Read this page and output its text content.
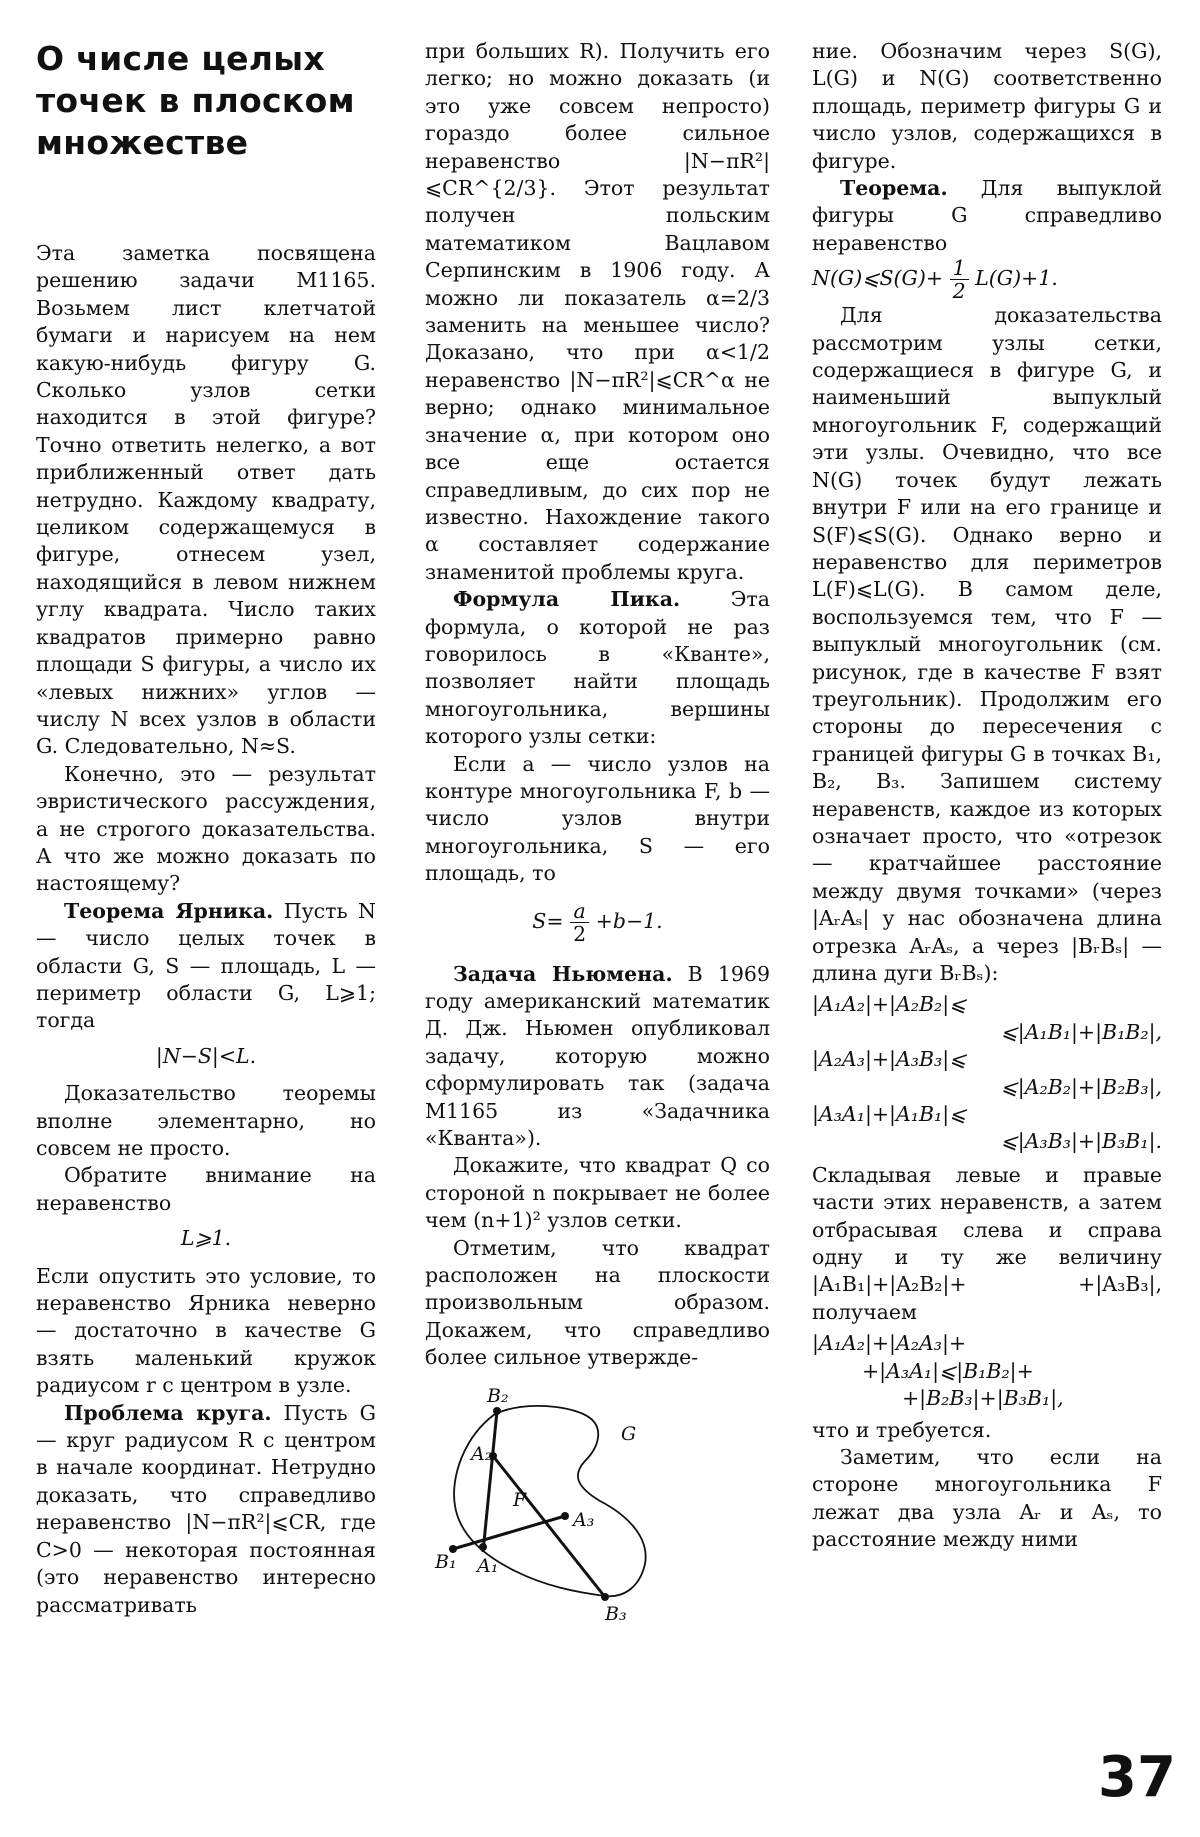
О числе целых точек в плоском множестве

Эта заметка посвящена решению задачи М1165. Возьмем лист клетчатой бумаги и нарисуем на нем какую-нибудь фигуру G. Сколько узлов сетки находится в этой фигуре? Точно ответить нелегко, а вот приближенный ответ дать нетрудно. Каждому квадрату, целиком содержащемуся в фигуре, отнесем узел, находящийся в левом нижнем углу квадрата. Число таких квадратов примерно равно площади S фигуры, а число их «левых нижних» углов — числу N всех узлов в области G. Следовательно, N≈S.

Конечно, это — результат эвристического рассуждения, а не строгого доказательства. А что же можно доказать по настоящему?

Теорема Ярника. Пусть N — число целых точек в области G, S — площадь, L — периметр области G, L⩾1; тогда

|N−S|<L.

Доказательство теоремы вполне элементарно, но совсем не просто.

Обратите внимание на неравенство

L⩾1.

Если опустить это условие, то неравенство Ярника неверно — достаточно в качестве G взять маленький кружок радиусом r с центром в узле.

Проблема круга. Пусть G — круг радиусом R с центром в начале координат. Нетрудно доказать, что справедливо неравенство |N−πR²|⩽CR, где C>0 — некоторая постоянная (это неравенство интересно рассматривать

при больших R). Получить его легко; но можно доказать (и это уже совсем непросто) гораздо более сильное неравенство |N−πR²|⩽CR^{2/3}. Этот результат получен польским математиком Вацлавом Серпинским в 1906 году. А можно ли показатель α=2/3 заменить на меньшее число? Доказано, что при α<1/2 неравенство |N−πR²|⩽CR^α не верно; однако минимальное значение α, при котором оно все еще остается справедливым, до сих пор не известно. Нахождение такого α составляет содержание знаменитой проблемы круга.

Формула Пика. Эта формула, о которой не раз говорилось в «Кванте», позволяет найти площадь многоугольника, вершины которого узлы сетки:

Если a — число узлов на контуре многоугольника F, b — число узлов внутри многоугольника, S — его площадь, то

$S= \frac{a}{2} +b-1$.

Задача Ньюмена. В 1969 году американский математик Д. Дж. Ньюмен опубликовал задачу, которую можно сформулировать так (задача М1165 из «Задачника «Кванта»).

Докажите, что квадрат Q со стороной n покрывает не более чем (n+1)² узлов сетки.

Отметим, что квадрат расположен на плоскости произвольным образом. Докажем, что справедливо более сильное утвержде-

B₁
B₂
B₃
A₁
A₂
A₃
F
G

ние. Обозначим через S(G), L(G) и N(G) соответственно площадь, периметр фигуры G и число узлов, содержащихся в фигуре.

Теорема. Для выпуклой фигуры G справедливо неравенство

N(G)⩽S(G)+ $\frac{1}{2} L(G)+1$.

Для доказательства рассмотрим узлы сетки, содержащиеся в фигуре G, и наименьший выпуклый многоугольник F, содержащий эти узлы. Очевидно, что все N(G) точек будут лежать внутри F или на его границе и S(F)⩽S(G). Однако верно и неравенство для периметров L(F)⩽L(G). В самом деле, воспользуемся тем, что F — выпуклый многоугольник (см. рисунок, где в качестве F взят треугольник). Продолжим его стороны до пересечения с границей фигуры G в точках B₁, B₂, B₃. Запишем систему неравенств, каждое из которых означает просто, что «отрезок — кратчайшее расстояние между двумя точками» (через |AᵣAₛ| у нас обозначена длина отрезка AᵣAₛ, а через |BᵣBₛ| — длина дуги BᵣBₛ):

|A₁A₂|+|A₂B₂|⩽

⩽|A₁B₁|+|B₁B₂|,

|A₂A₃|+|A₃B₃|⩽

⩽|A₂B₂|+|B₂B₃|,

|A₃A₁|+|A₁B₁|⩽

⩽|A₃B₃|+|B₃B₁|.

Складывая левые и правые части этих неравенств, а затем отбрасывая слева и справа одну и ту же величину |A₁B₁|+|A₂B₂|+ +|A₃B₃|, получаем

|A₁A₂|+|A₂A₃|+

+|A₃A₁|⩽|B₁B₂|+

+|B₂B₃|+|B₃B₁|,

что и требуется.

Заметим, что если на стороне многоугольника F лежат два узла Aᵣ и Aₛ, то расстояние между ними

37
